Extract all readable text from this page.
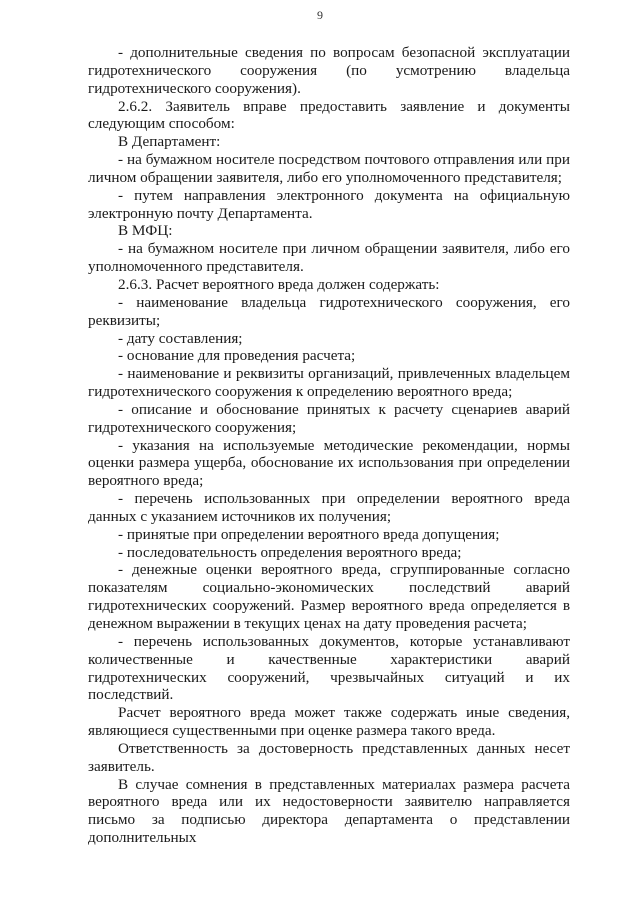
9

- дополнительные сведения по вопросам безопасной эксплуатации гидротехнического сооружения (по усмотрению владельца гидротехнического сооружения).

2.6.2. Заявитель вправе предоставить заявление и документы следующим способом:

В Департамент:

- на бумажном носителе посредством почтового отправления или при личном обращении заявителя, либо его уполномоченного представителя;

- путем направления электронного документа на официальную электронную почту Департамента.

В МФЦ:

- на бумажном носителе при личном обращении заявителя, либо его уполномоченного представителя.

2.6.3. Расчет вероятного вреда должен содержать:

- наименование владельца гидротехнического сооружения, его реквизиты;

- дату составления;

- основание для проведения расчета;

- наименование и реквизиты организаций, привлеченных владельцем гидротехнического сооружения к определению вероятного вреда;

- описание и обоснование принятых к расчету сценариев аварий гидротехнического сооружения;

- указания на используемые методические рекомендации, нормы оценки размера ущерба, обоснование их использования при определении вероятного вреда;

- перечень использованных при определении вероятного вреда данных с указанием источников их получения;

- принятые при определении вероятного вреда допущения;

- последовательность определения вероятного вреда;

- денежные оценки вероятного вреда, сгруппированные согласно показателям социально-экономических последствий аварий гидротехнических сооружений. Размер вероятного вреда определяется в денежном выражении в текущих ценах на дату проведения расчета;

- перечень использованных документов, которые устанавливают количественные и качественные характеристики аварий гидротехнических сооружений, чрезвычайных ситуаций и их последствий.

Расчет вероятного вреда может также содержать иные сведения, являющиеся существенными при оценке размера такого вреда.

Ответственность за достоверность представленных данных несет заявитель.

В случае сомнения в представленных материалах размера расчета вероятного вреда или их недостоверности заявителю направляется письмо за подписью директора департамента о представлении дополнительных
